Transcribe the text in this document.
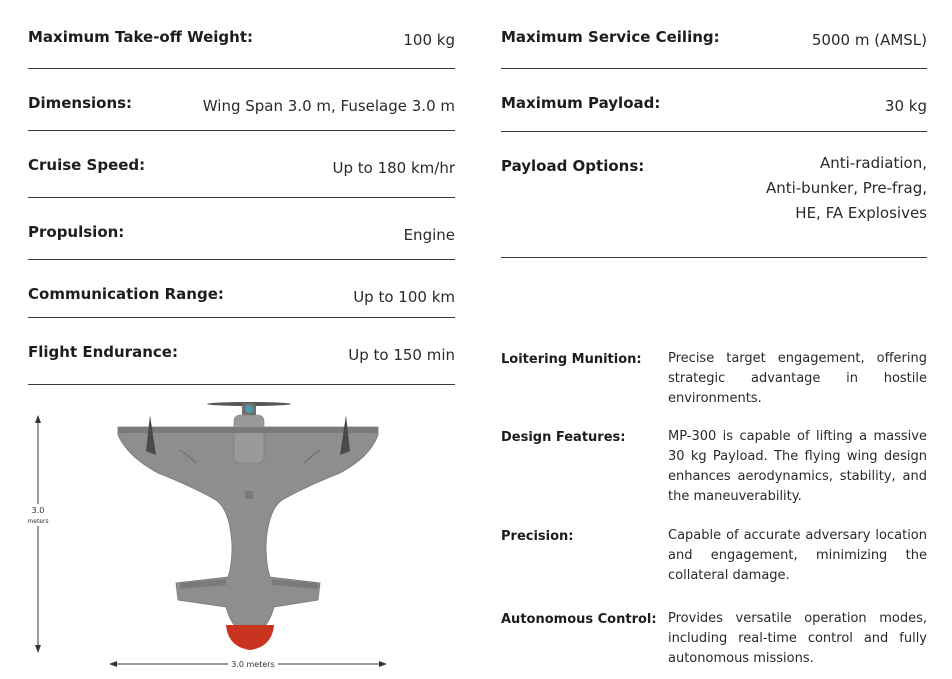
Maximum Take-off Weight:	100 kg
Dimensions:	Wing Span 3.0 m, Fuselage 3.0 m
Cruise Speed:	Up to 180 km/hr
Propulsion:	Engine
Communication Range:	Up to 100 km
Flight Endurance:	Up to 150 min
Maximum Service Ceiling:	5000 m (AMSL)
Maximum Payload:	30 kg
Payload Options:	Anti-radiation,
Anti-bunker, Pre-frag,
HE, FA Explosives
Loitering Munition:	Precise target engagement, offering strategic advantage in hostile environments.
Design Features:	MP-300 is capable of lifting a massive 30 kg Payload. The flying wing design enhances aerodynamics, stability, and the maneuverability.
Precision:	Capable of accurate adversary location and engagement, minimizing the collateral damage.
Autonomous Control: Provides versatile operation modes, including real-time control and fully autonomous missions.
3.0
meters
3.0 meters
